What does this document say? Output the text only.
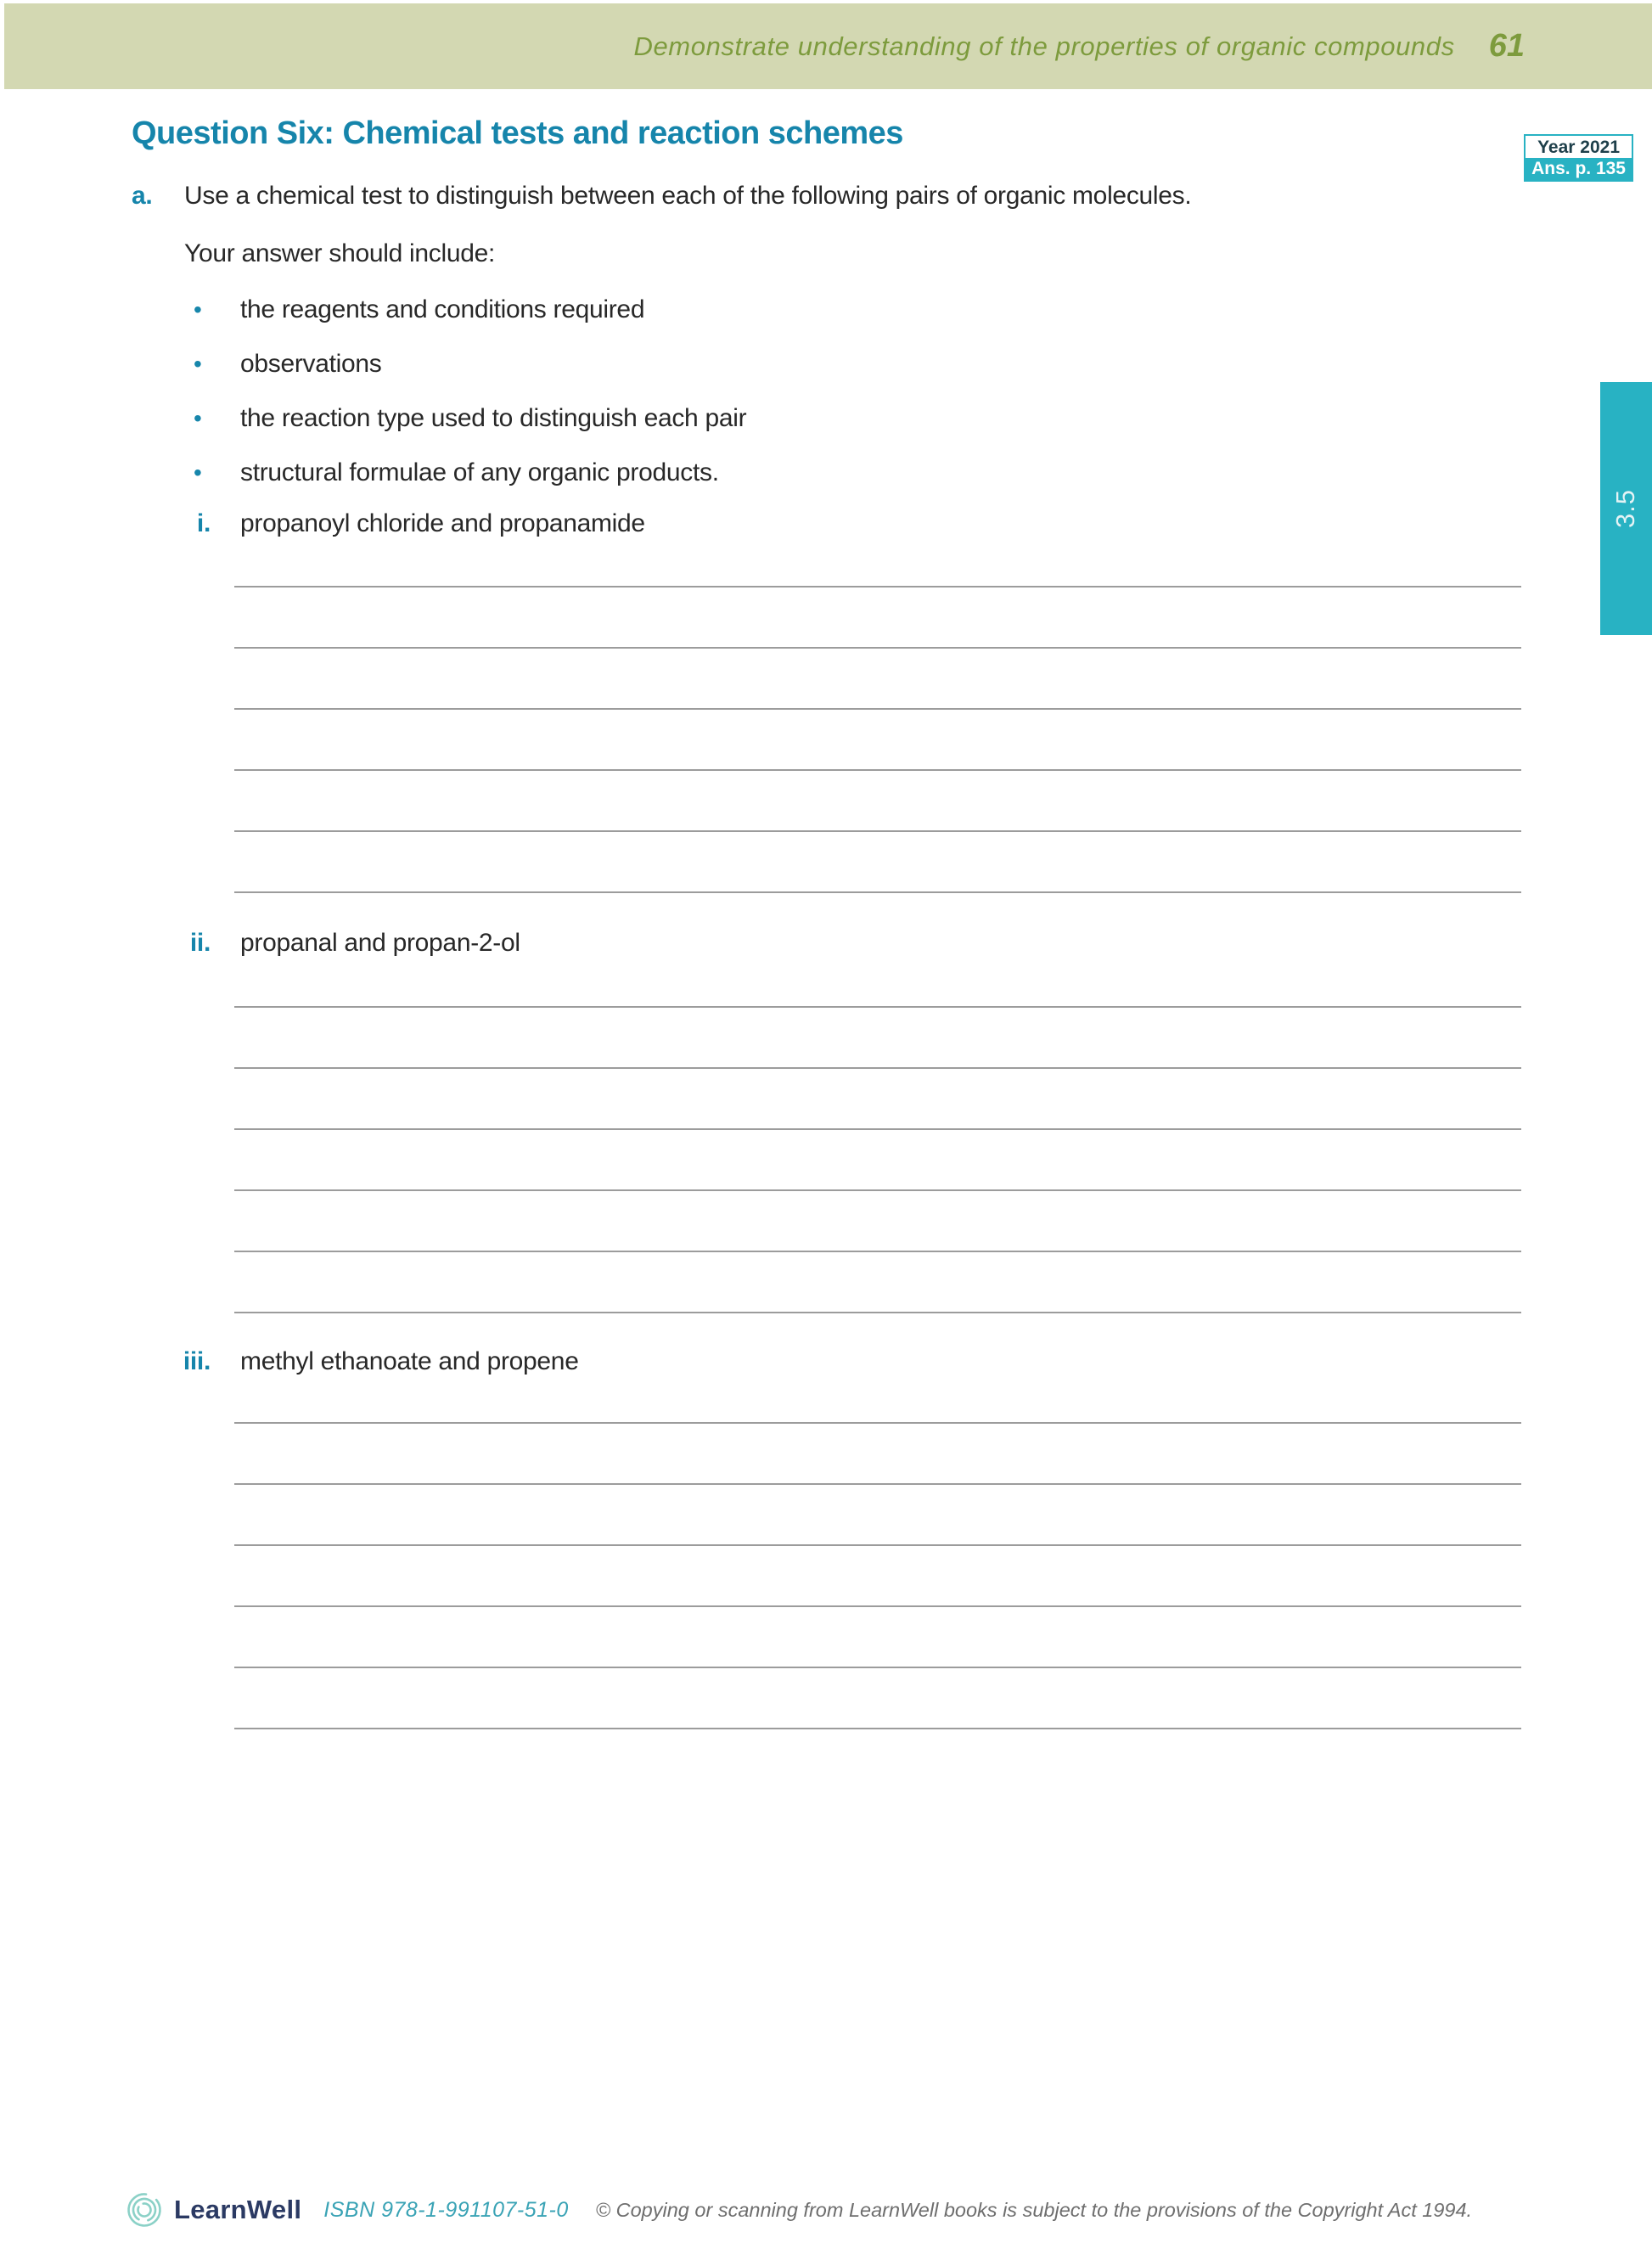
Demonstrate understanding of the properties of organic compounds 61
Question Six: Chemical tests and reaction schemes	Year 2021
Ans. p. 135
3.5
a. Use a chemical test to distinguish between each of the following pairs of organic molecules.
Your answer should include:
• the reagents and conditions required
• observations
• the reaction type used to distinguish each pair
• structural formulae of any organic products.
i. propanoyl chloride and propanamide
ii. propanal and propan-2-ol
iii. methyl ethanoate and propene
LearnWell ISBN 978-1-991107-51-0 © Copying or scanning from LearnWell books is subject to the provisions of the Copyright Act 1994.
